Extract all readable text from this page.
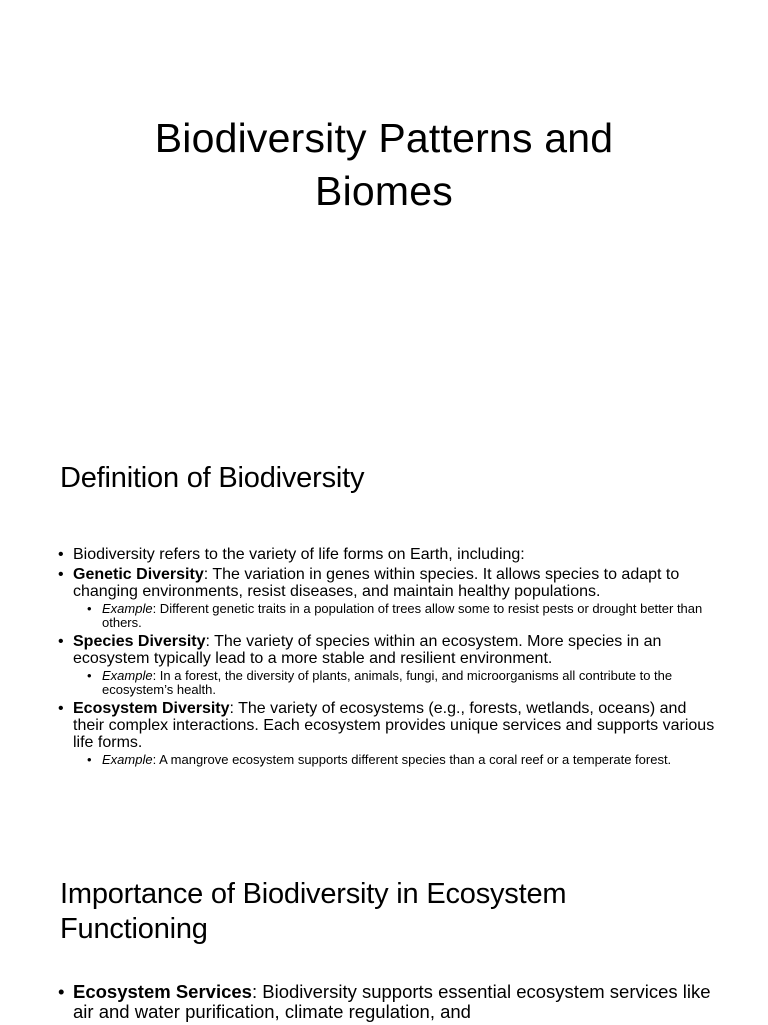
Biodiversity Patterns and
Biomes
Definition of Biodiversity
• Biodiversity refers to the variety of life forms on Earth, including:
• Genetic Diversity: The variation in genes within species. It allows species to adapt to changing environments, resist diseases, and maintain healthy populations.
• Example: Different genetic traits in a population of trees allow some to resist pests or drought better than others.
• Species Diversity: The variety of species within an ecosystem. More species in an ecosystem typically lead to a more stable and resilient environment.
• Example: In a forest, the diversity of plants, animals, fungi, and microorganisms all contribute to the ecosystem’s health.
• Ecosystem Diversity: The variety of ecosystems (e.g., forests, wetlands, oceans) and their complex interactions. Each ecosystem provides unique services and supports various life forms.
• Example: A mangrove ecosystem supports different species than a coral reef or a temperate forest.
Importance of Biodiversity in Ecosystem
Functioning
• Ecosystem Services: Biodiversity supports essential ecosystem services like air and water purification, climate regulation, and
